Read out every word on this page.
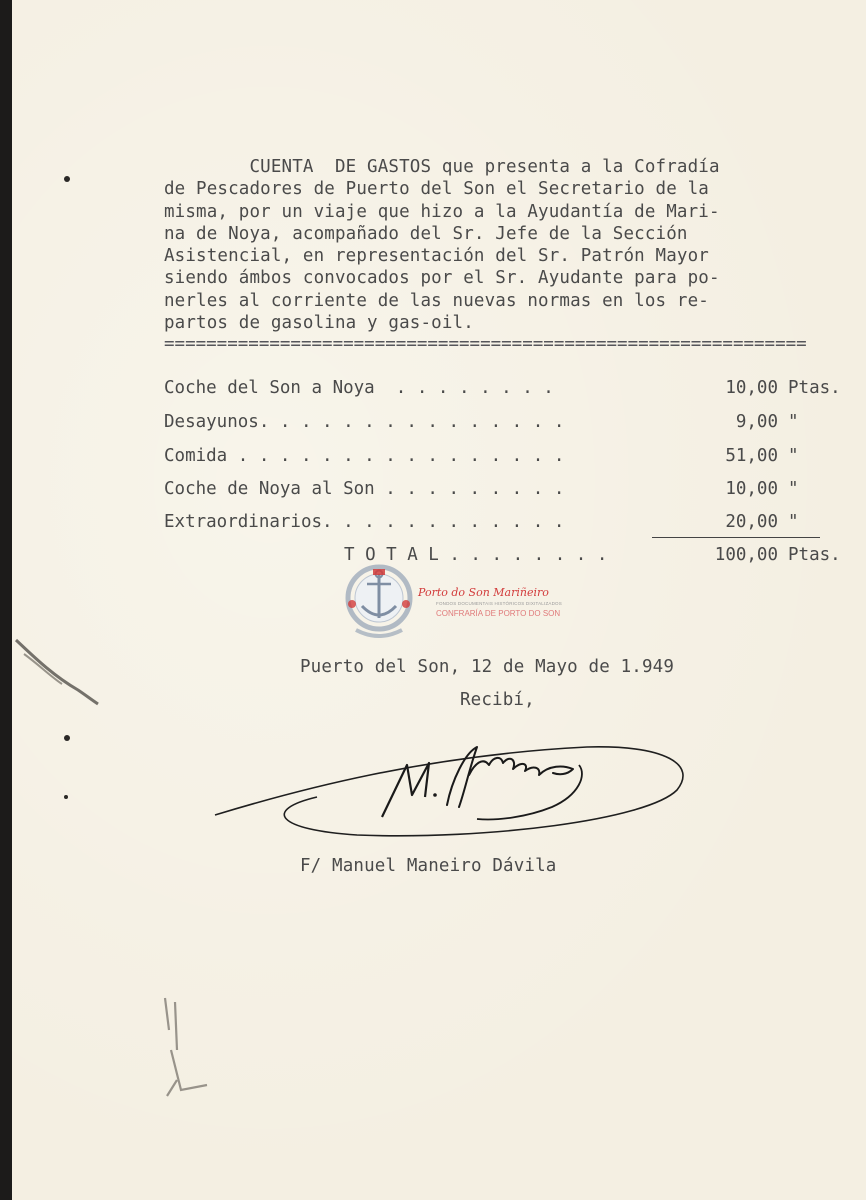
CUENTA  DE GASTOS que presenta a la Cofradía
de Pescadores de Puerto del Son el Secretario de la
misma, por un viaje que hizo a la Ayudantía de Mari-
na de Noya, acompañado del Sr. Jefe de la Sección
Asistencial, en representación del Sr. Patrón Mayor
siendo ámbos convocados por el Sr. Ayudante para po-
nerles al corriente de las nuevas normas en los re-
partos de gasolina y gas-oil.
=============================================================
Coche del Son a Noya  . . . . . . . .	10,00 Ptas.
Desayunos. . . . . . . . . . . . . . .	9,00 "
Comida . . . . . . . . . . . . . . . .	51,00 "
Coche de Noya al Son . . . . . . . . .	10,00 "
Extraordinarios. . . . . . . . . . . .	20,00 "
T O T A L . . . . . . . .	100,00 Ptas.
Porto do Son Mariñeiro
FONDOS DOCUMENTAIS HISTÓRICOS DIXITALIZADOS
CONFRARÍA DE PORTO DO SON
Puerto del Son, 12 de Mayo de 1.949
Recibí,
F/ Manuel Maneiro Dávila
